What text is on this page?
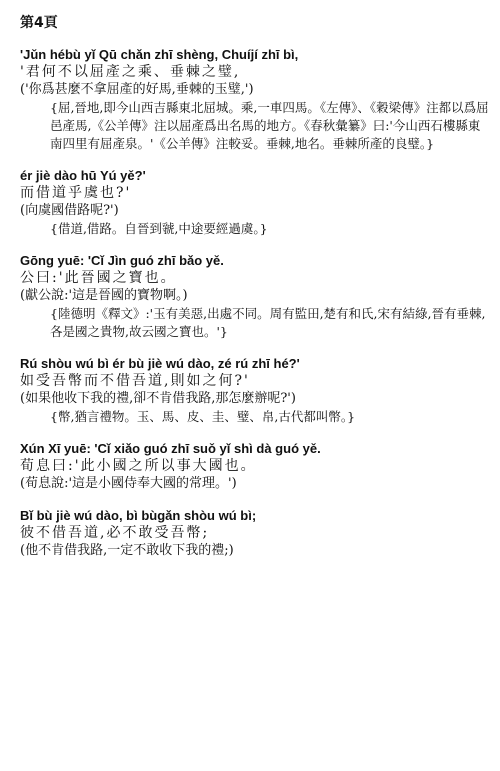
第4頁
'Jǔn hébù yǐ Qū chǎn zhī shèng, Chuíjí zhī bì,
'君何不以屈產之乘、垂棘之璧,
('你爲甚麼不拿屈產的好馬,垂棘的玉璧,')
{屈,晉地,即今山西吉縣東北屈城。乘,一車四馬。《左傳》、《穀梁傳》注都以爲屈邑產馬,《公羊傳》注以屈產爲出名馬的地方。《春秋彙纂》曰:'今山西石樓縣東南四里有屈產泉。'《公羊傳》注較妥。垂棘,地名。垂棘所產的良璧。}
ér jiè dào hū Yú yě?'
而借道乎虞也?'
(向虞國借路呢?')
{借道,借路。自晉到虢,中途要經過虞。}
Gōng yuē: 'Cǐ Jìn guó zhī bǎo yě.
公曰:'此晉國之寶也。
(獻公說:'這是晉國的寶物啊。)
{陸德明《釋文》:'玉有美惡,出處不同。周有監田,楚有和氏,宋有結綠,晉有垂棘,各是國之貴物,故云國之寶也。'}
Rú shòu wú bì ér bù jiè wú dào, zé rú zhī hé?'
如受吾幣而不借吾道,則如之何?'
(如果他收下我的禮,卻不肯借我路,那怎麼辦呢?')
{幣,猶言禮物。玉、馬、皮、圭、璧、帛,古代都叫幣。}
Xún Xī yuē: 'Cǐ xiǎo guó zhī suǒ yǐ shì dà guó yě.
荀息曰:'此小國之所以事大國也。
(荀息說:'這是小國侍奉大國的常理。')
Bǐ bù jiè wú dào, bì bùgǎn shòu wú bì;
彼不借吾道,必不敢受吾幣;
(他不肯借我路,一定不敢收下我的禮;)
